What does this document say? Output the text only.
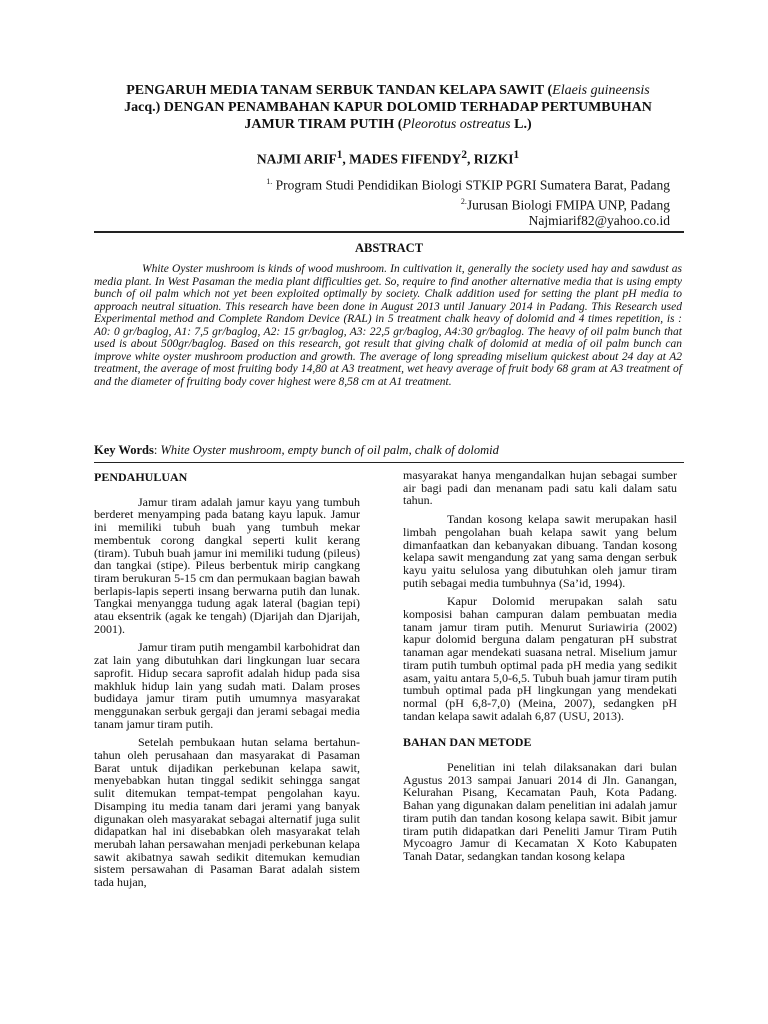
PENGARUH MEDIA TANAM SERBUK TANDAN KELAPA SAWIT (Elaeis guineensis Jacq.) DENGAN PENAMBAHAN KAPUR DOLOMID TERHADAP PERTUMBUHAN JAMUR TIRAM PUTIH (Pleorotus ostreatus L.)
NAJMI ARIF$^1$, MADES FIFENDY$^2$, RIZKI$^1$

$^{1.}$ Program Studi Pendidikan Biologi STKIP PGRI Sumatera Barat, Padang

$^{2.}$Jurusan Biologi FMIPA UNP, Padang

Najmiarif82@yahoo.co.id

ABSTRACT
White Oyster mushroom is kinds of wood mushroom. In cultivation it, generally the society used hay and sawdust as media plant. In West Pasaman the media plant difficulties get. So, require to find another alternative media that is using empty bunch of oil palm which not yet been exploited optimally by society. Chalk addition used for setting the plant pH media to approach neutral situation. This research have been done in August 2013 until January 2014 in Padang. This Research used Experimental method and Complete Random Device (RAL) in 5 treatment chalk heavy of dolomid and 4 times repetition, is : A0: 0 gr/baglog, A1: 7,5 gr/baglog, A2: 15 gr/baglog, A3: 22,5 gr/baglog, A4:30 gr/baglog. The heavy of oil palm bunch that used is about 500gr/baglog. Based on this research, got result that giving chalk of dolomid at media of oil palm bunch can improve white oyster mushroom production and growth. The average of long spreading miselium quickest about 24 day at A2 treatment, the average of most fruiting body 14,80 at A3 treatment, wet heavy average of fruit body 68 gram at A3 treatment of and the diameter of fruiting body cover highest were 8,58 cm at A1 treatment.
Key Words: White Oyster mushroom, empty bunch of oil palm, chalk of dolomid
PENDAHULUAN

Jamur tiram adalah jamur kayu yang tumbuh berderet menyamping pada batang kayu lapuk. Jamur ini memiliki tubuh buah yang tumbuh mekar membentuk corong dangkal seperti kulit kerang (tiram). Tubuh buah jamur ini memiliki tudung (pileus) dan tangkai (stipe). Pileus berbentuk mirip cangkang tiram berukuran 5-15 cm dan permukaan bagian bawah berlapis-lapis seperti insang berwarna putih dan lunak. Tangkai menyangga tudung agak lateral (bagian tepi) atau eksentrik (agak ke tengah) (Djarijah dan Djarijah, 2001).

Jamur tiram putih mengambil karbohidrat dan zat lain yang dibutuhkan dari lingkungan luar secara saprofit. Hidup secara saprofit adalah hidup pada sisa makhluk hidup lain yang sudah mati. Dalam proses budidaya jamur tiram putih umumnya masyarakat menggunakan serbuk gergaji dan jerami sebagai media tanam jamur tiram putih.

Setelah pembukaan hutan selama bertahun-tahun oleh perusahaan dan masyarakat di Pasaman Barat untuk dijadikan perkebunan kelapa sawit, menyebabkan hutan tinggal sedikit sehingga sangat sulit ditemukan tempat-tempat pengolahan kayu. Disamping itu media tanam dari jerami yang banyak digunakan oleh masyarakat sebagai alternatif juga sulit didapatkan hal ini disebabkan oleh masyarakat telah merubah lahan persawahan menjadi perkebunan kelapa sawit akibatnya sawah sedikit ditemukan kemudian sistem persawahan di Pasaman Barat adalah sistem tada hujan,

masyarakat hanya mengandalkan hujan sebagai sumber air bagi padi dan menanam padi satu kali dalam satu tahun.

Tandan kosong kelapa sawit merupakan hasil limbah pengolahan buah kelapa sawit yang belum dimanfaatkan dan kebanyakan dibuang. Tandan kosong kelapa sawit mengandung zat yang sama dengan serbuk kayu yaitu selulosa yang dibutuhkan oleh jamur tiram putih sebagai media tumbuhnya (Sa’id, 1994).

Kapur Dolomid merupakan salah satu komposisi bahan campuran dalam pembuatan media tanam jamur tiram putih. Menurut Suriawiria (2002) kapur dolomid berguna dalam pengaturan pH substrat tanaman agar mendekati suasana netral. Miselium jamur tiram putih tumbuh optimal pada pH media yang sedikit asam, yaitu antara 5,0-6,5. Tubuh buah jamur tiram putih tumbuh optimal pada pH lingkungan yang mendekati normal (pH 6,8-7,0) (Meina, 2007), sedangken pH tandan kelapa sawit adalah 6,87 (USU, 2013).

BAHAN DAN METODE

Penelitian ini telah dilaksanakan dari bulan Agustus 2013 sampai Januari 2014 di Jln. Ganangan, Kelurahan Pisang, Kecamatan Pauh, Kota Padang. Bahan yang digunakan dalam penelitian ini adalah jamur tiram putih dan tandan kosong kelapa sawit. Bibit jamur tiram putih didapatkan dari Peneliti Jamur Tiram Putih Mycoagro Jamur di Kecamatan X Koto Kabupaten Tanah Datar, sedangkan tandan kosong kelapa
